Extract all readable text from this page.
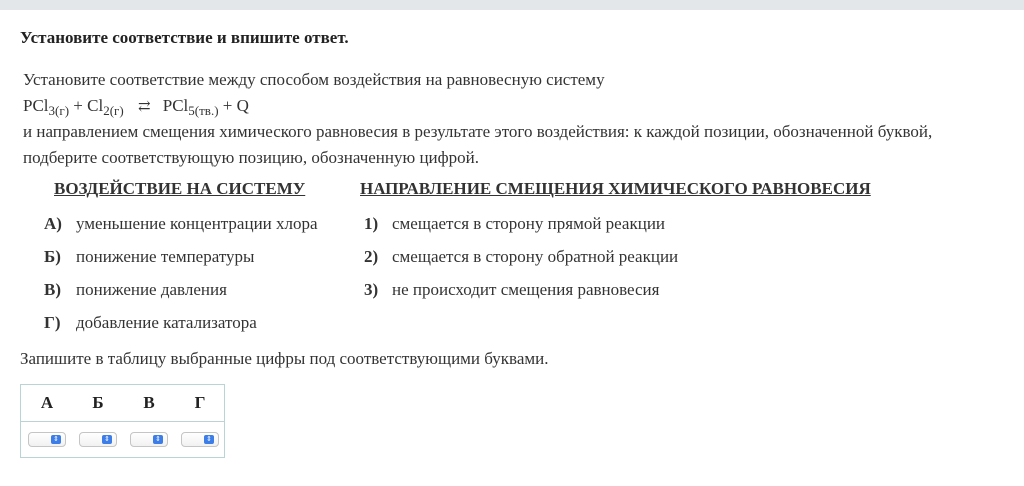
Установите соответствие и впишите ответ.
Установите соответствие между способом воздействия на равновесную систему
$PCl_{3(г)} + Cl_{2(г)}$ ⇄ PCl$_{5(тв.)}$ + Q
и направлением смещения химического равновесия в результате этого воздействия: к каждой позиции, обозначенной буквой,
подберите соответствующую позицию, обозначенную цифрой.
ВОЗДЕЙСТВИЕ НА СИСТЕМУ	НАПРАВЛЕНИЕ СМЕЩЕНИЯ ХИМИЧЕСКОГО РАВНОВЕСИЯ
А) уменьшение концентрации хлора
Б) понижение температуры
В) понижение давления
Г) добавление катализатора
1) смещается в сторону прямой реакции
2) смещается в сторону обратной реакции
3) не происходит смещения равновесия
Запишите в таблицу выбранные цифры под соответствующими буквами.
А	Б	В	Г
⇕	⇕	⇕	⇕
